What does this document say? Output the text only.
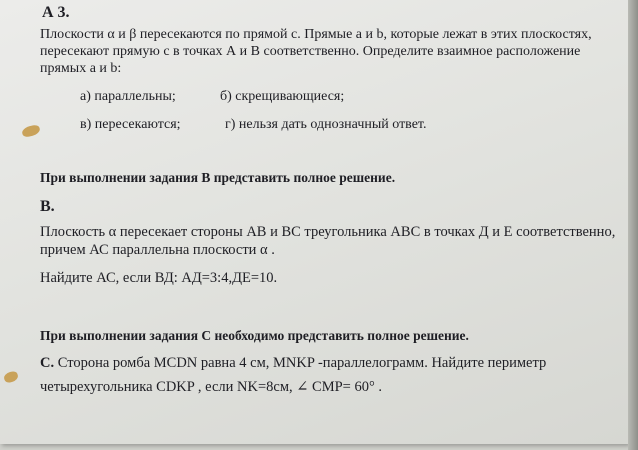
А 3.
Плоскости α и β пересекаются по прямой c. Прямые a и b, которые лежат в этих плоскостях,
пересекают прямую c в точках А и В соответственно. Определите взаимное расположение
прямых a и b:
а) параллельны;	б) скрещивающиеся;
в) пересекаются;	г) нельзя дать однозначный ответ.
При выполнении задания В представить полное решение.
В.
Плоскость α пересекает стороны АВ и ВС треугольника АВС в точках Д и Е соответственно,
причем АС параллельна плоскости α .
Найдите АС, если ВД: АД=3:4,ДЕ=10.
При выполнении задания С необходимо представить полное решение.
С. Сторона ромба MCDN равна 4 см, MNKP -параллелограмм. Найдите периметр
четырехугольника CDKP , если NK=8см, ∠ CMP= 60° .
